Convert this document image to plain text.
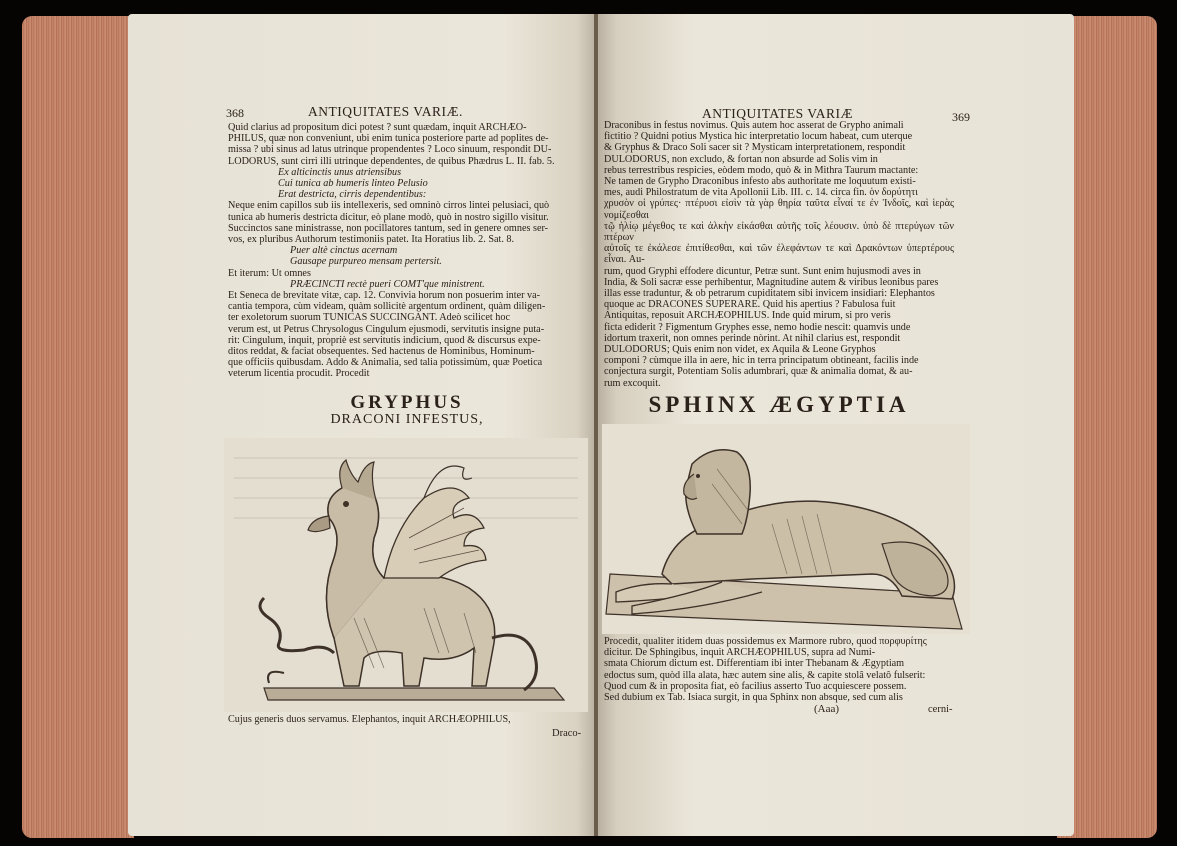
368	ANTIQUITATES VARIÆ.

Quid clarius ad propositum dici potest ? sunt quædam, inquit ARCHÆO-

PHILUS, quæ non conveniunt, ubi enim tunica posteriore parte ad poplites de-

missa ? ubi sinus ad latus utrinque propendentes ? Loco sinuum, respondit DU-

LODORUS, sunt cirri illi utrinque dependentes, de quibus Phædrus L. II. fab. 5.

Ex alticinctis unus atriensibus

Cui tunica ab humeris linteo Pelusio

Erat destricta, cirris dependentibus:

Neque enim capillos sub iis intellexeris, sed omninò cirros lintei pelusiaci, quò

tunica ab humeris destricta dicitur, eò plane modò, quò in nostro sigillo visitur.

Succinctos sane ministrasse, non pocillatores tantum, sed in genere omnes ser-

vos, ex pluribus Authorum testimoniis patet. Ita Horatius lib. 2. Sat. 8.

Puer altè cinctus acernam

Gausape purpureo mensam pertersit.

Et iterum: Ut omnes

PRÆCINCTI rectè pueri COMT'que ministrent.

Et Seneca de brevitate vitæ, cap. 12. Convivia horum non posuerim inter va-

cantia tempora, cùm videam, quàm sollicitè argentum ordinent, quàm diligen-

ter exoletorum suorum TUNICAS SUCCINGANT. Adeò scilicet hoc

verum est, ut Petrus Chrysologus Cingulum ejusmodi, servitutis insigne puta-

rit: Cingulum, inquit, propriè est servitutis indicium, quod & discursus expe-

ditos reddat, & faciat obsequentes. Sed hactenus de Hominibus, Hominum-

que officiis quibusdam. Addo & Animalia, sed talia potissimùm, quæ Poetica

veterum licentia procudit. Procedit

GRYPHUS
DRACONI INFESTUS,
Cujus generis duos servamus. Elephantos, inquit ARCHÆOPHILUS,
Draco-
ANTIQUITATES VARIÆ	369

Draconibus in festus novimus. Quis autem hoc asserat de Grypho animali

fictitio ? Quidni potius Mystica hic interpretatio locum habeat, cum uterque

& Gryphus & Draco Soli sacer sit ? Mysticam interpretationem, respondit

DULODORUS, non excludo, & fortan non absurde ad Solis vim in

rebus terrestribus respicies, eòdem modo, quò & in Mithra Taurum mactante:

Ne tamen de Grypho Draconibus infesto abs authoritate me loquutum existi-

mes, audi Philostratum de vita Apollonii Lib. III. c. 14. circa fin. ὁν δορύτητι

χρυσὸν οἱ γρύπες· πτέρυσι εἰσὶν τὰ γὰρ θηρία ταῦτα εἶναί τε ἐν Ἰνδοῖς, καὶ ἱερὰς νομίζεσθαι

τῷ ἡλίῳ μέγεθος τε καὶ ἀλκὴν εἰκάσθαι αὐτῆς τοῖς λέουσιν. ὑπὸ δὲ πτερύγων τῶν πτέρων

αὐτοῖς τε ἐκάλεσε ἐπιτίθεσθαι, καὶ τῶν ἐλεφάντων τε καὶ Δρακόντων ὑπερτέρους εἶναι. Au-

rum, quod Gryphi effodere dicuntur, Petræ sunt. Sunt enim hujusmodi aves in

India, & Soli sacræ esse perhibentur, Magnitudine autem & viribus leonibus pares

illas esse traduntur, & ob petrarum cupiditatem sibi invicem insidiari: Elephantos

quoque ac DRACONES SUPERARE. Quid his apertius ? Fabulosa fuit

Antiquitas, reposuit ARCHÆOPHILUS. Inde quid mirum, si pro veris

ficta ediderit ? Figmentum Gryphes esse, nemo hodie nescit: quamvis unde

idortum traxerit, non omnes perinde nòrint. At nihil clarius est, respondit

DULODORUS; Quis enim non videt, ex Aquila & Leone Gryphos

componi ? cùmque illa in aere, hic in terra principatum obtineant, facilis inde

conjectura surgit, Potentiam Solis adumbrari, quæ & animalia domat, & au-

rum excoquit.

SPHINX ÆGYPTIA

Procedit, qualiter itidem duas possidemus ex Marmore rubro, quod πορφυρίτης

dicitur. De Sphingibus, inquit ARCHÆOPHILUS, supra ad Numi-

smata Chiorum dictum est. Differentiam ibi inter Thebanam & Ægyptiam

edoctus sum, quòd illa alata, hæc autem sine alis, & capite stolâ velatô fulserit:

Quod cum & in proposita fiat, eò facilius asserto Tuo acquiescere possem.

Sed dubium ex Tab. Isiaca surgit, in qua Sphinx non absque, sed cum alis

(Aaa)	cerni-
